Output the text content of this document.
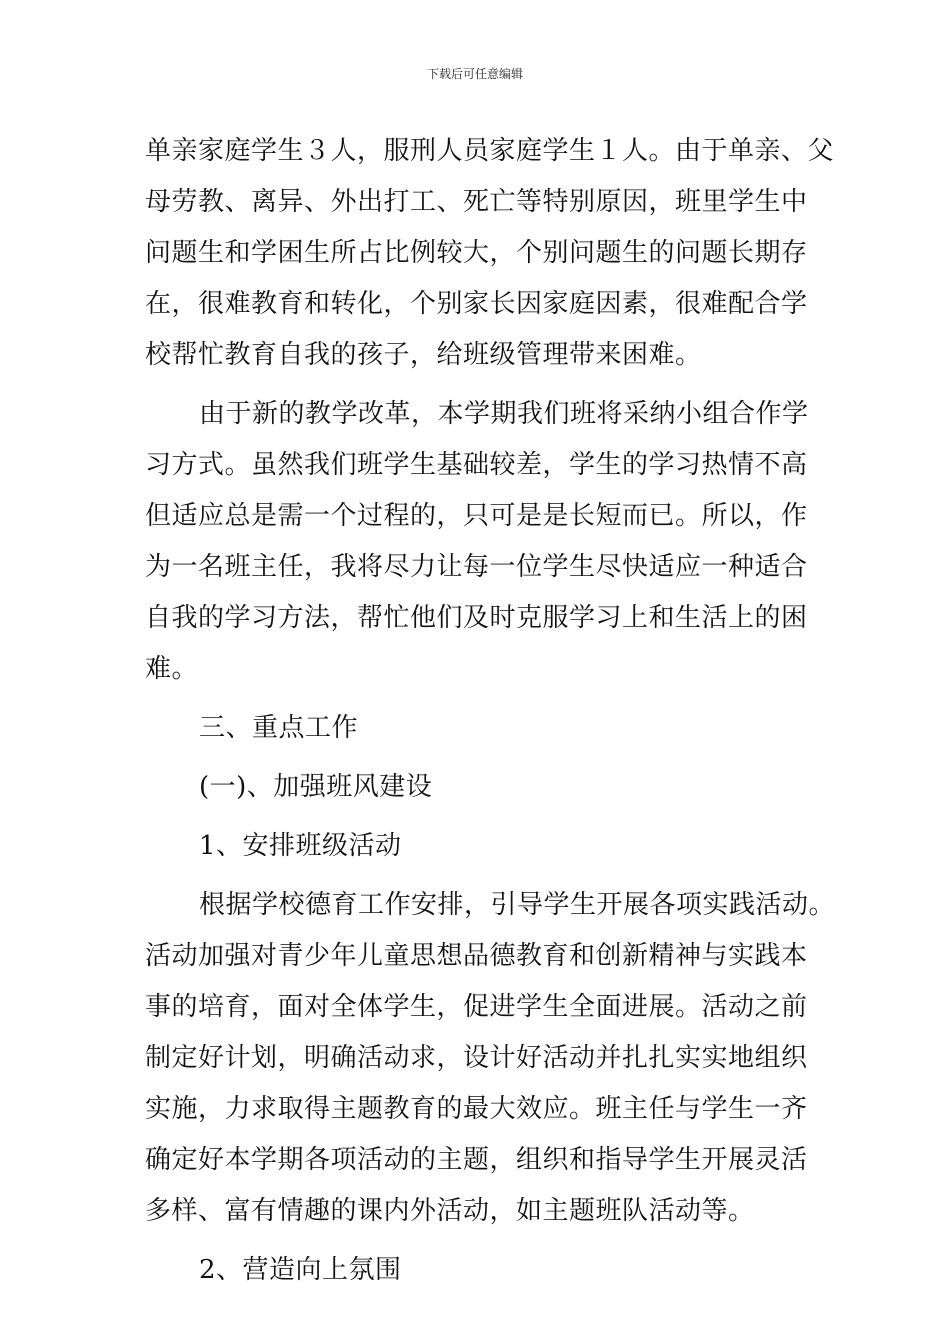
下载后可任意编辑
单亲家庭学生３人，服刑人员家庭学生１人。由于单亲、父
母劳教、离异、外出打工、死亡等特别原因，班里学生中
问题生和学困生所占比例较大，个别问题生的问题长期存
在，很难教育和转化，个别家长因家庭因素，很难配合学
校帮忙教育自我的孩子，给班级管理带来困难。
由于新的教学改革，本学期我们班将采纳小组合作学
习方式。虽然我们班学生基础较差，学生的学习热情不高
但适应总是需一个过程的，只可是是长短而已。所以，作
为一名班主任，我将尽力让每一位学生尽快适应一种适合
自我的学习方法，帮忙他们及时克服学习上和生活上的困
难。
三、重点工作
(一)、加强班风建设
1、安排班级活动
根据学校德育工作安排，引导学生开展各项实践活动。
活动加强对青少年儿童思想品德教育和创新精神与实践本
事的培育，面对全体学生，促进学生全面进展。活动之前
制定好计划，明确活动求，设计好活动并扎扎实实地组织
实施，力求取得主题教育的最大效应。班主任与学生一齐
确定好本学期各项活动的主题，组织和指导学生开展灵活
多样、富有情趣的课内外活动，如主题班队活动等。
2、营造向上氛围
